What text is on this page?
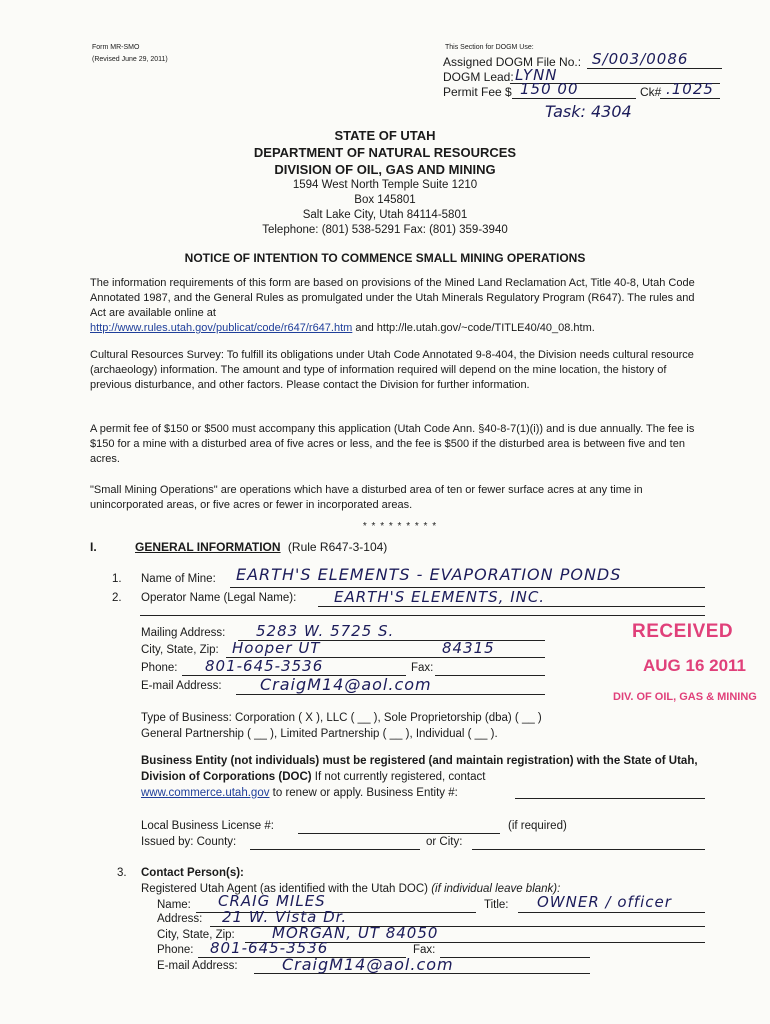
Form MR-SMO
(Revised June 29, 2011)
This Section for DOGM Use:
Assigned DOGM File No.: S/003/0086
DOGM Lead: LYNN
Permit Fee $ 150 00	Ck# .1025
Task: 4304
STATE OF UTAH
DEPARTMENT OF NATURAL RESOURCES
DIVISION OF OIL, GAS AND MINING
1594 West North Temple Suite 1210
Box 145801
Salt Lake City, Utah 84114-5801
Telephone: (801) 538-5291 Fax: (801) 359-3940
NOTICE OF INTENTION TO COMMENCE SMALL MINING OPERATIONS
The information requirements of this form are based on provisions of the Mined Land Reclamation Act, Title 40-8, Utah Code Annotated 1987, and the General Rules as promulgated under the Utah Minerals Regulatory Program (R647). The rules and Act are available online at
http://www.rules.utah.gov/publicat/code/r647/r647.htm and http://le.utah.gov/~code/TITLE40/40_08.htm.
Cultural Resources Survey: To fulfill its obligations under Utah Code Annotated 9-8-404, the Division needs cultural resource (archaeology) information. The amount and type of information required will depend on the mine location, the history of previous disturbance, and other factors. Please contact the Division for further information.
A permit fee of $150 or $500 must accompany this application (Utah Code Ann. §40-8-7(1)(i)) and is due annually. The fee is $150 for a mine with a disturbed area of five acres or less, and the fee is $500 if the disturbed area is between five and ten acres.
"Small Mining Operations" are operations which have a disturbed area of ten or fewer surface acres at any time in unincorporated areas, or five acres or fewer in incorporated areas.
* * * * * * * * *
I.	GENERAL INFORMATION (Rule R647-3-104)
1. Name of Mine: EARTH'S ELEMENTS - EVAPORATION PONDS
2. Operator Name (Legal Name):	EARTH'S ELEMENTS, INC.
Mailing Address: 5283 W. 5725 S.
City, State, Zip: Hooper UT	84315
Phone: 801-645-3536	Fax:
E-mail Address: CraigM14@aol.com
RECEIVED
AUG 16 2011
DIV. OF OIL, GAS & MINING
Type of Business: Corporation ( X ), LLC ( __ ), Sole Proprietorship (dba) ( __ )
General Partnership ( __ ), Limited Partnership ( __ ), Individual ( __ ).
Business Entity (not individuals) must be registered (and maintain registration) with the State of Utah, Division of Corporations (DOC) If not currently registered, contact
www.commerce.utah.gov to renew or apply. Business Entity #:
Local Business License #:	(if required)
Issued by: County:	or City:
3. Contact Person(s):
Registered Utah Agent (as identified with the Utah DOC) (if individual leave blank):
Name: CRAIG MILES	Title: OWNER / officer
Address: 21 W. Vista Dr.
City, State, Zip: MORGAN, UT 84050
Phone: 801-645-3536	Fax:
E-mail Address:	CraigM14@aol.com
